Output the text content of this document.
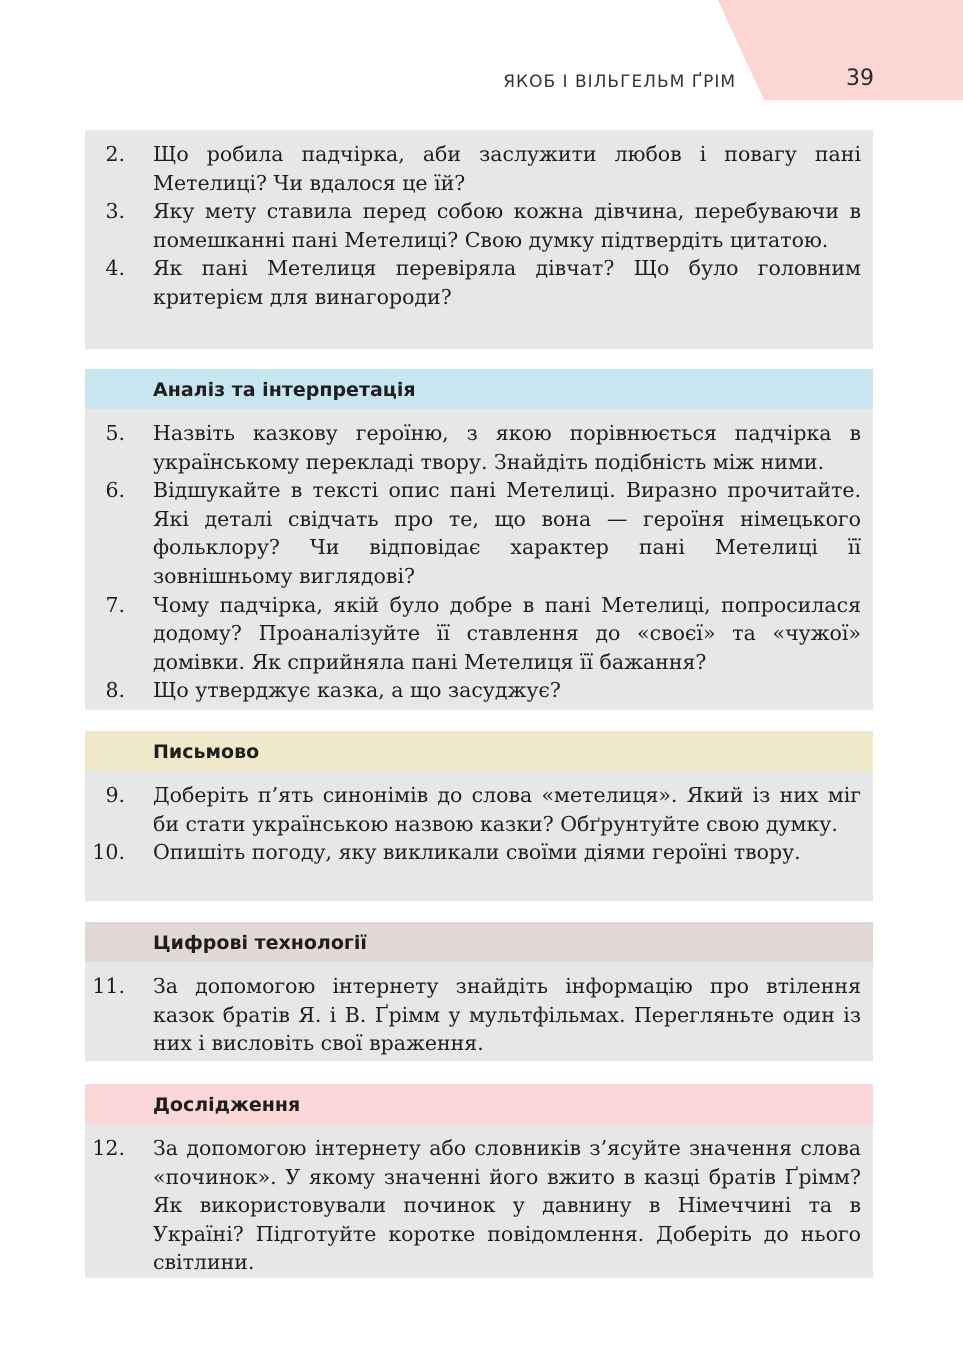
ЯКОБ І ВІЛЬГЕЛЬМ ҐРІМ	39
2. Що робила падчірка, аби заслужити любов і повагу пані Метелиці? Чи вдалося це їй?
3. Яку мету ставила перед собою кожна дівчина, перебуваючи в помешканні пані Метелиці? Свою думку підтвердіть цитатою.
4. Як пані Метелиця перевіряла дівчат? Що було головним критерієм для винагороди?
Аналіз та інтерпретація
5. Назвіть казкову героїню, з якою порівнюється падчірка в українському перекладі твору. Знайдіть подібність між ними.
6. Відшукайте в тексті опис пані Метелиці. Виразно прочитайте. Які деталі свідчать про те, що вона — героїня німецького фольклору? Чи відповідає характер пані Метелиці її зовнішньому виглядові?
7. Чому падчірка, якій було добре в пані Метелиці, попросилася додому? Проаналізуйте її ставлення до «своєї» та «чужої» домівки. Як сприйняла пані Метелиця її бажання?
8. Що утверджує казка, а що засуджує?
Письмово
9. Доберіть п’ять синонімів до слова «метелиця». Який із них міг би стати українською назвою казки? Обґрунтуйте свою думку.
10. Опишіть погоду, яку викликали своїми діями героїні твору.
Цифрові технології
11. За допомогою інтернету знайдіть інформацію про втілення казок братів Я. і В. Ґрімм у мультфільмах. Перегляньте один із них і висловіть свої враження.
Дослідження
12. За допомогою інтернету або словників з’ясуйте значення слова «починок». У якому значенні його вжито в казці братів Ґрімм? Як використовували починок у давнину в Німеччині та в Україні? Підготуйте коротке повідомлення. Доберіть до нього світлини.
